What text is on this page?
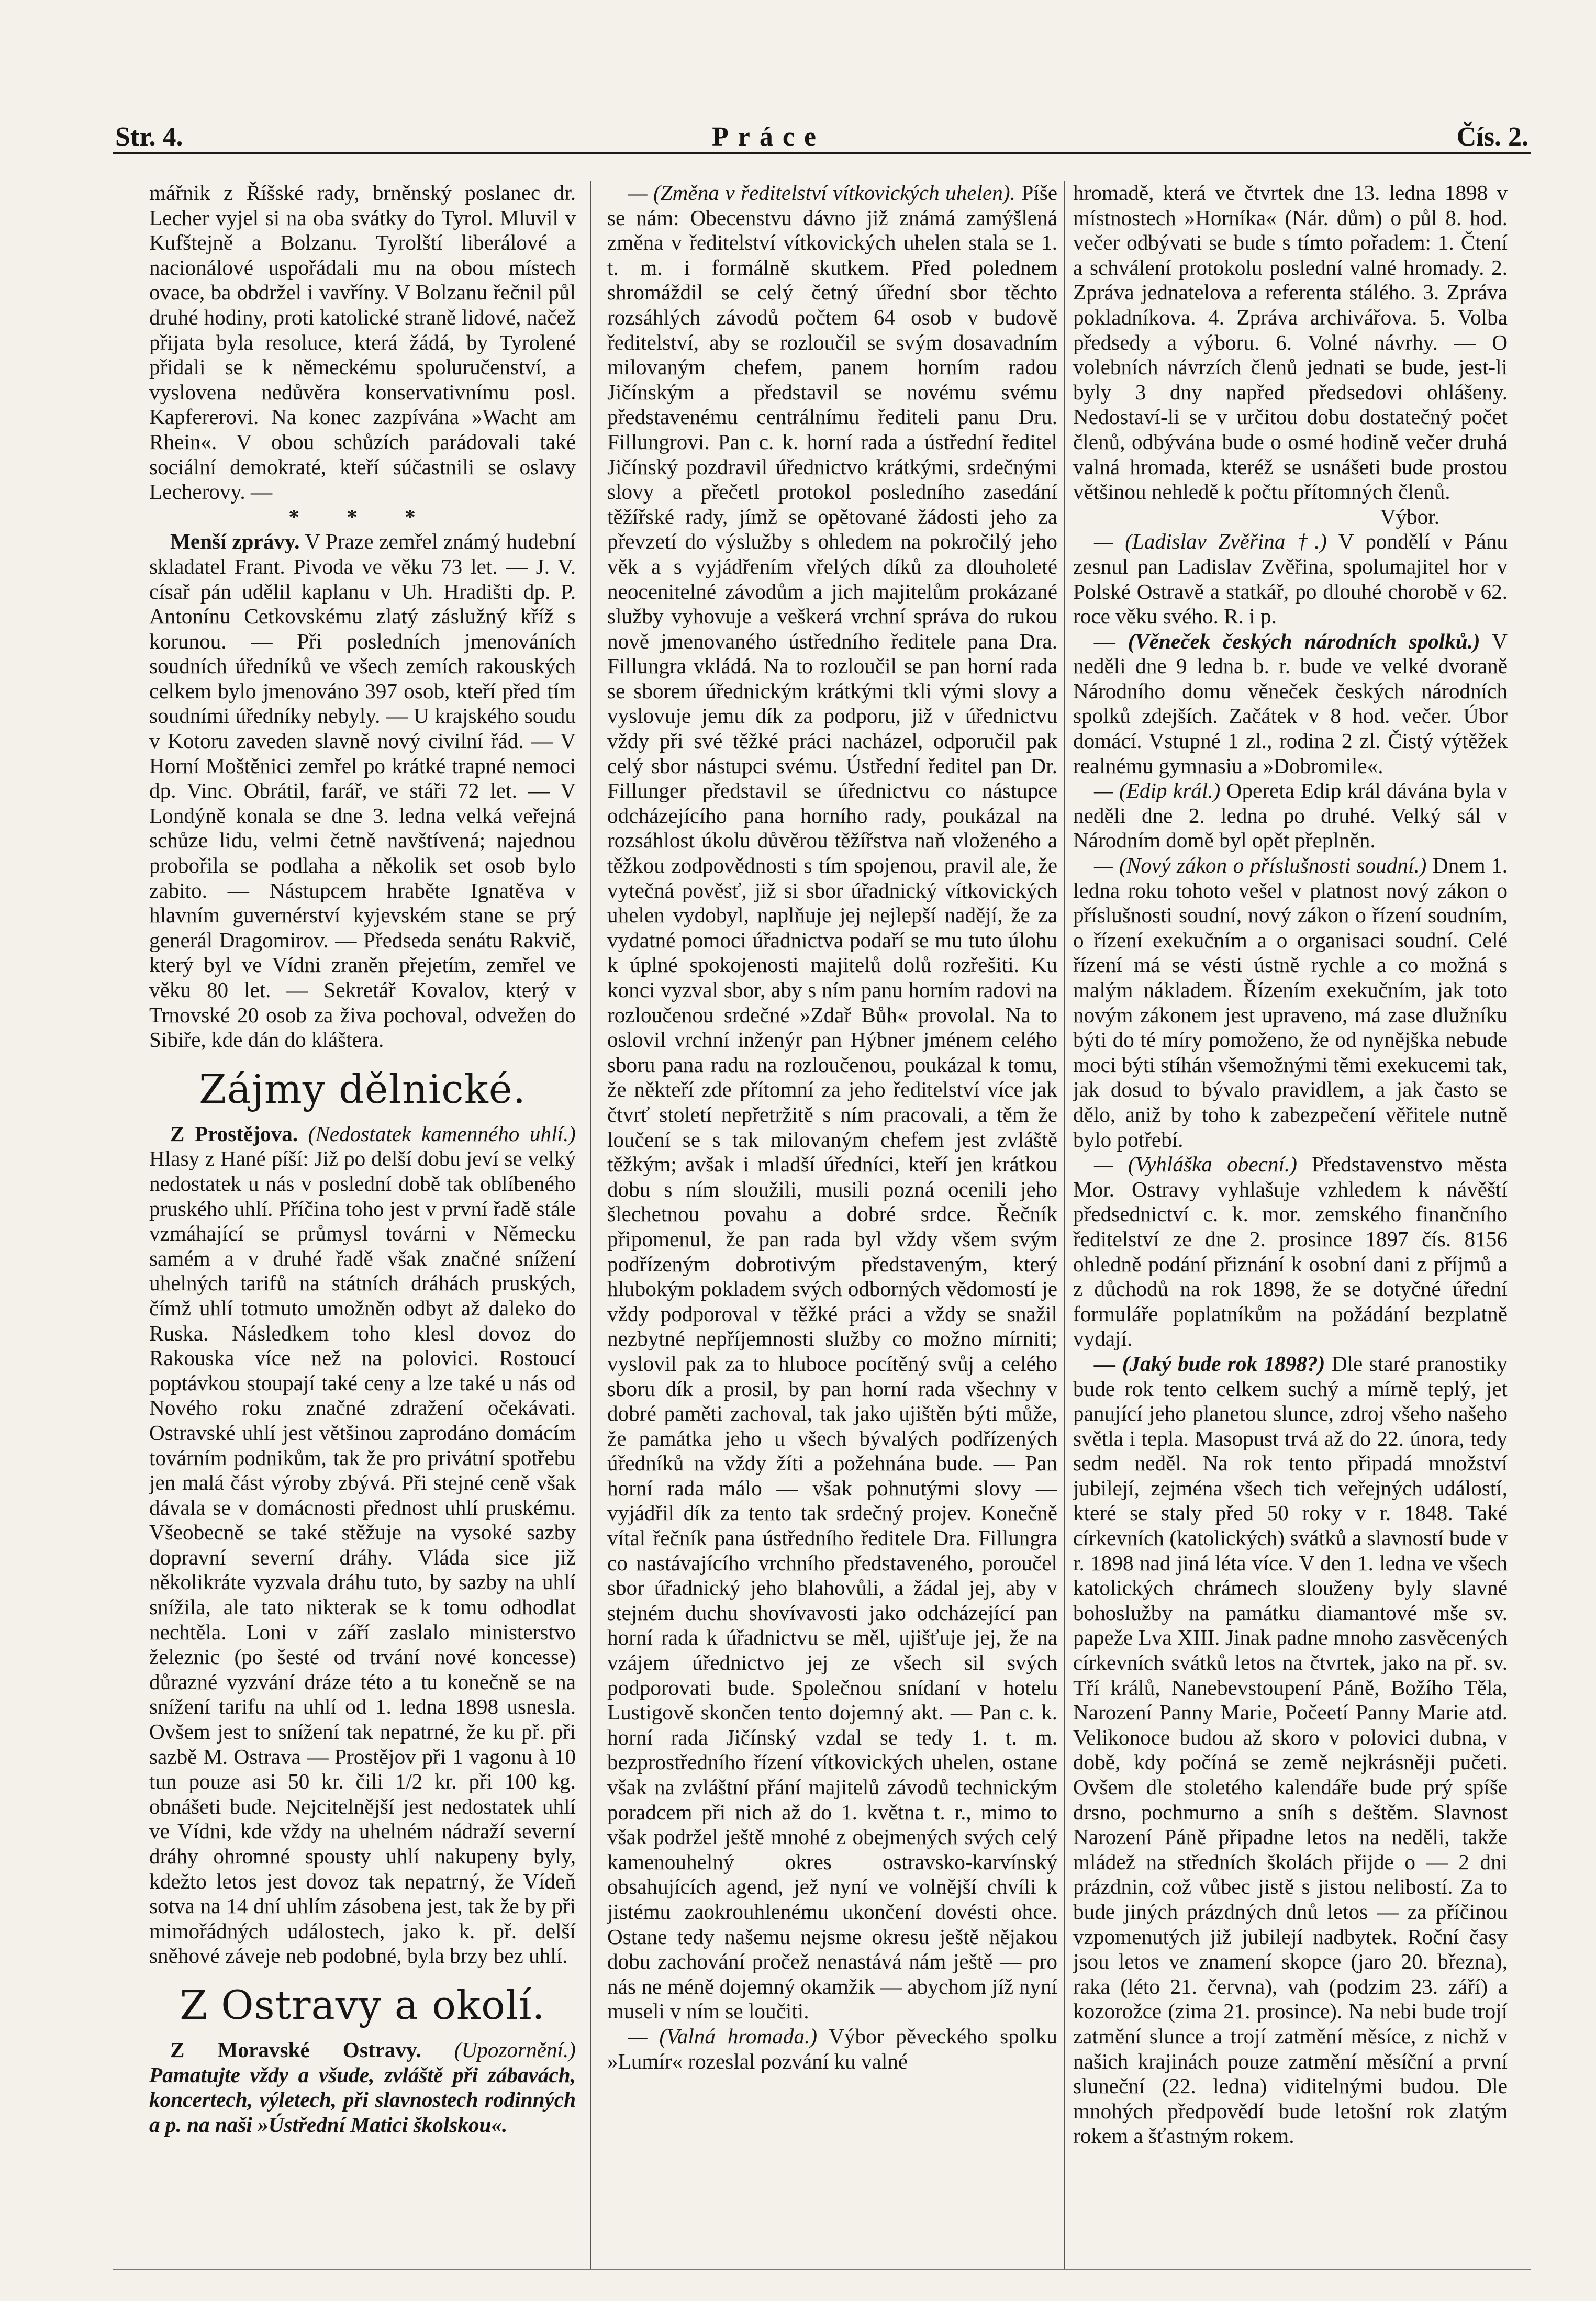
Str. 4.	Práce	Čís. 2.

mářnik z Říšské rady, brněnský poslanec dr. Lecher vyjel si na oba svátky do Tyrol. Mluvil v Kufštejně a Bolzanu. Tyrolští liberálové a nacionálové uspořádali mu na obou místech ovace, ba obdržel i vavříny. V Bolzanu řečnil půl druhé hodiny, proti katolické straně lidové, načež přijata byla resoluce, která žádá, by Tyrolené přidali se k německému spoluručenství, a vyslovena nedůvěra konservativnímu posl. Kapfererovi. Na konec zazpívána »Wacht am Rhein«. V obou schůzích parádovali také sociální demokraté, kteří súčastnili se oslavy Lecherovy. —

* * *

Menší zprávy. V Praze zemřel známý hudební skladatel Frant. Pivoda ve věku 73 let. — J. V. císař pán udělil kaplanu v Uh. Hradišti dp. P. Antonínu Cetkovskému zlatý záslužný kříž s korunou. — Při posledních jmenováních soudních úředníků ve všech zemích rakouských celkem bylo jmenováno 397 osob, kteří před tím soudními úředníky nebyly. — U krajského soudu v Kotoru zaveden slavně nový civilní řád. — V Horní Moštěnici zemřel po krátké trapné nemoci dp. Vinc. Obrátil, farář, ve stáři 72 let. — V Londýně konala se dne 3. ledna velká veřejná schůze lidu, velmi četně navštívená; najednou probořila se podlaha a několik set osob bylo zabito. — Nástupcem hraběte Ignatěva v hlavním guvernérství kyjevském stane se prý generál Dragomirov. — Předseda senátu Rakvič, který byl ve Vídni zraněn přejetím, zemřel ve věku 80 let. — Sekretář Kovalov, který v Trnovské 20 osob za živa pochoval, odvežen do Sibiře, kde dán do kláštera.

Zájmy dělnické.

Z Prostějova. (Nedostatek kamenného uhlí.) Hlasy z Hané píší: Již po delší dobu jeví se velký nedostatek u nás v poslední době tak oblíbeného pruského uhlí. Příčina toho jest v první řadě stále vzmáhající se průmysl továrni v Německu samém a v druhé řadě však značné snížení uhelných tarifů na státních dráhách pruských, čímž uhlí totmuto umožněn odbyt až daleko do Ruska. Následkem toho klesl dovoz do Rakouska více než na polovici. Rostoucí poptávkou stoupají také ceny a lze také u nás od Nového roku značné zdražení očekávati. Ostravské uhlí jest většinou zaprodáno domácím továrním podnikům, tak že pro privátní spotřebu jen malá část výroby zbývá. Při stejné ceně však dávala se v domácnosti přednost uhlí pruskému. Všeobecně se také stěžuje na vysoké sazby dopravní severní dráhy. Vláda sice již několikráte vyzvala dráhu tuto, by sazby na uhlí snížila, ale tato nikterak se k tomu odhodlat nechtěla. Loni v září zaslalo ministerstvo železnic (po šesté od trvání nové koncesse) důrazné vyzvání dráze této a tu konečně se na snížení tarifu na uhlí od 1. ledna 1898 usnesla. Ovšem jest to snížení tak nepatrné, že ku př. při sazbě M. Ostrava — Prostějov při 1 vagonu à 10 tun pouze asi 50 kr. čili 1/2 kr. při 100 kg. obnášeti bude. Nejcitelnější jest nedostatek uhlí ve Vídni, kde vždy na uhelném nádraží severní dráhy ohromné spousty uhlí nakupeny byly, kdežto letos jest dovoz tak nepatrný, že Vídeň sotva na 14 dní uhlím zásobena jest, tak že by při mimořádných událostech, jako k. př. delší sněhové záveje neb podobné, byla brzy bez uhlí.

Z Ostravy a okolí.

Z Moravské Ostravy. (Upozornění.) Pamatujte vždy a všude, zvláště při zábavách, koncertech, výletech, při slavnostech rodinných a p. na naši »Ústřední Matici školskou«.

— (Změna v ředitelství vítkovických uhelen). Píše se nám: Obecenstvu dávno již známá zamýšlená změna v ředitelství vítkovických uhelen stala se 1. t. m. i formálně skutkem. Před polednem shromáždil se celý četný úřední sbor těchto rozsáhlých závodů počtem 64 osob v budově ředitelství, aby se rozloučil se svým dosavadním milovaným chefem, panem horním radou Jičínským a představil se novému svému představenému centrálnímu řediteli panu Dru. Fillungrovi. Pan c. k. horní rada a ústřední ředitel Jičínský pozdravil úřednictvo krátkými, srdečnými slovy a přečetl protokol posledního zasedání těžířské rady, jímž se opětované žádosti jeho za převzetí do výslužby s ohledem na pokročilý jeho věk a s vyjádřením vřelých díků za dlouholeté neocenitelné závodům a jich majitelům prokázané služby vyhovuje a veškerá vrchní správa do rukou nově jmenovaného ústředního ředitele pana Dra. Fillungra vkládá. Na to rozloučil se pan horní rada se sborem úřednickým krátkými tkli vými slovy a vyslovuje jemu dík za podporu, již v úřednictvu vždy při své těžké práci nacházel, odporučil pak celý sbor nástupci svému. Ústřední ředitel pan Dr. Fillunger představil se úřednictvu co nástupce odcházejícího pana horního rady, poukázal na rozsáhlost úkolu důvěrou těžířstva naň vloženého a těžkou zodpovědnosti s tím spojenou, pravil ale, že vytečná pověsť, již si sbor úřadnický vítkovických uhelen vydobyl, naplňuje jej nejlepší nadějí, že za vydatné pomoci úřadnictva podaří se mu tuto úlohu k úplné spokojenosti majitelů dolů rozřešiti. Ku konci vyzval sbor, aby s ním panu horním radovi na rozloučenou srdečné »Zdař Bůh« provolal. Na to oslovil vrchní inženýr pan Hýbner jménem celého sboru pana radu na rozloučenou, poukázal k tomu, že někteří zde přítomní za jeho ředitelství více jak čtvrť století nepřetržitě s ním pracovali, a těm že loučení se s tak milovaným chefem jest zvláště těžkým; avšak i mladší úředníci, kteří jen krátkou dobu s ním sloužili, musili pozná ocenili jeho šlechetnou povahu a dobré srdce. Řečník připomenul, že pan rada byl vždy všem svým podřízeným dobrotivým představeným, který hlubokým pokladem svých odborných vědomostí je vždy podporoval v těžké práci a vždy se snažil nezbytné nepříjemnosti služby co možno mírniti; vyslovil pak za to hluboce pocítěný svůj a celého sboru dík a prosil, by pan horní rada všechny v dobré paměti zachoval, tak jako ujištěn býti může, že památka jeho u všech bývalých podřízených úředníků na vždy žíti a požehnána bude. — Pan horní rada málo — však pohnutými slovy — vyjádřil dík za tento tak srdečný projev. Konečně vítal řečník pana ústředního ředitele Dra. Fillungra co nastávajícího vrchního představeného, poroučel sbor úřadnický jeho blahovůli, a žádal jej, aby v stejném duchu shovívavosti jako odcházející pan horní rada k úřadnictvu se měl, ujišťuje jej, že na vzájem úřednictvo jej ze všech sil svých podporovati bude. Společnou snídaní v hotelu Lustigově skončen tento dojemný akt. — Pan c. k. horní rada Jičínský vzdal se tedy 1. t. m. bezprostředního řízení vítkovických uhelen, ostane však na zvláštní přání majitelů závodů technickým poradcem při nich až do 1. května t. r., mimo to však podržel ještě mnohé z obejmených svých celý kamenouhelný okres ostravsko-karvínský obsahujících agend, jež nyní ve volnější chvíli k jistému zaokrouhlenému ukončení dovésti ohce. Ostane tedy našemu nejsme okresu ještě nějakou dobu zachování pročež nenastává nám ještě — pro nás ne méně dojemný okamžik — abychom jíž nyní museli v ním se loučiti.

— (Valná hromada.) Výbor pěveckého spolku »Lumír« rozeslal pozvání ku valné

hromadě, která ve čtvrtek dne 13. ledna 1898 v místnostech »Horníka« (Nár. dům) o půl 8. hod. večer odbývati se bude s tímto pořadem: 1. Čtení a schválení protokolu poslední valné hromady. 2. Zpráva jednatelova a referenta stálého. 3. Zpráva pokladníkova. 4. Zpráva archivářova. 5. Volba předsedy a výboru. 6. Volné návrhy. — O volebních návrzích členů jednati se bude, jest-li byly 3 dny napřed předsedovi ohlášeny. Nedostaví-li se v určitou dobu dostatečný počet členů, odbývána bude o osmé hodině večer druhá valná hromada, kteréž se usnášeti bude prostou většinou nehledě k počtu přítomných členů.

Výbor.

— (Ladislav Zvěřina †.) V pondělí v Pánu zesnul pan Ladislav Zvěřina, spolumajitel hor v Polské Ostravě a statkář, po dlouhé chorobě v 62. roce věku svého. R. i p.

— (Věneček českých národních spolků.) V neděli dne 9 ledna b. r. bude ve velké dvoraně Národního domu věneček českých národních spolků zdejších. Začátek v 8 hod. večer. Úbor domácí. Vstupné 1 zl., rodina 2 zl. Čistý výtěžek realnému gymnasiu a »Dobromile«.

— (Edip král.) Opereta Edip král dávána byla v neděli dne 2. ledna po druhé. Velký sál v Národním domě byl opět přeplněn.

— (Nový zákon o příslušnosti soudní.) Dnem 1. ledna roku tohoto vešel v platnost nový zákon o příslušnosti soudní, nový zákon o řízení soudním, o řízení exekučním a o organisaci soudní. Celé řízení má se vésti ústně rychle a co možná s malým nákladem. Řízením exekučním, jak toto novým zákonem jest upraveno, má zase dlužníku býti do té míry pomoženo, že od nynějška nebude moci býti stíhán všemožnými těmi exekucemi tak, jak dosud to bývalo pravidlem, a jak často se dělo, aniž by toho k zabezpečení věřitele nutně bylo potřebí.

— (Vyhláška obecní.) Představenstvo města Mor. Ostravy vyhlašuje vzhledem k návěští předsednictví c. k. mor. zemského finančního ředitelství ze dne 2. prosince 1897 čís. 8156 ohledně podání přiznání k osobní dani z příjmů a z důchodů na rok 1898, že se dotyčné úřední formuláře poplatníkům na požádání bezplatně vydají.

— (Jaký bude rok 1898?) Dle staré pranostiky bude rok tento celkem suchý a mírně teplý, jet panující jeho planetou slunce, zdroj všeho našeho světla i tepla. Masopust trvá až do 22. února, tedy sedm neděl. Na rok tento připadá množství jubilejí, zejména všech tich veřejných událostí, které se staly před 50 roky v r. 1848. Také církevních (katolických) svátků a slavností bude v r. 1898 nad jiná léta více. V den 1. ledna ve všech katolických chrámech slouženy byly slavné bohoslužby na památku diamantové mše sv. papeže Lva XIII. Jinak padne mnoho zasvěcených církevních svátků letos na čtvrtek, jako na př. sv. Tří králů, Nanebevstoupení Páně, Božího Těla, Narození Panny Marie, Počeetí Panny Marie atd. Velikonoce budou až skoro v polovici dubna, v době, kdy počíná se země nejkrásněji pučeti. Ovšem dle stoletého kalendáře bude prý spíše drsno, pochmurno a sníh s deštěm. Slavnost Narození Páně připadne letos na neděli, takže mládež na středních školách přijde o — 2 dni prázdnin, což vůbec jistě s jistou nelibostí. Za to bude jiných prázdných dnů letos — za příčinou vzpomenutých již jubilejí nadbytek. Roční časy jsou letos ve znamení skopce (jaro 20. března), raka (léto 21. června), vah (podzim 23. září) a kozorožce (zima 21. prosince). Na nebi bude trojí zatmění slunce a trojí zatmění měsíce, z nichž v našich krajinách pouze zatmění měsíční a první sluneční (22. ledna) viditelnými budou. Dle mnohých předpovědí bude letošní rok zlatým rokem a šťastným rokem.
